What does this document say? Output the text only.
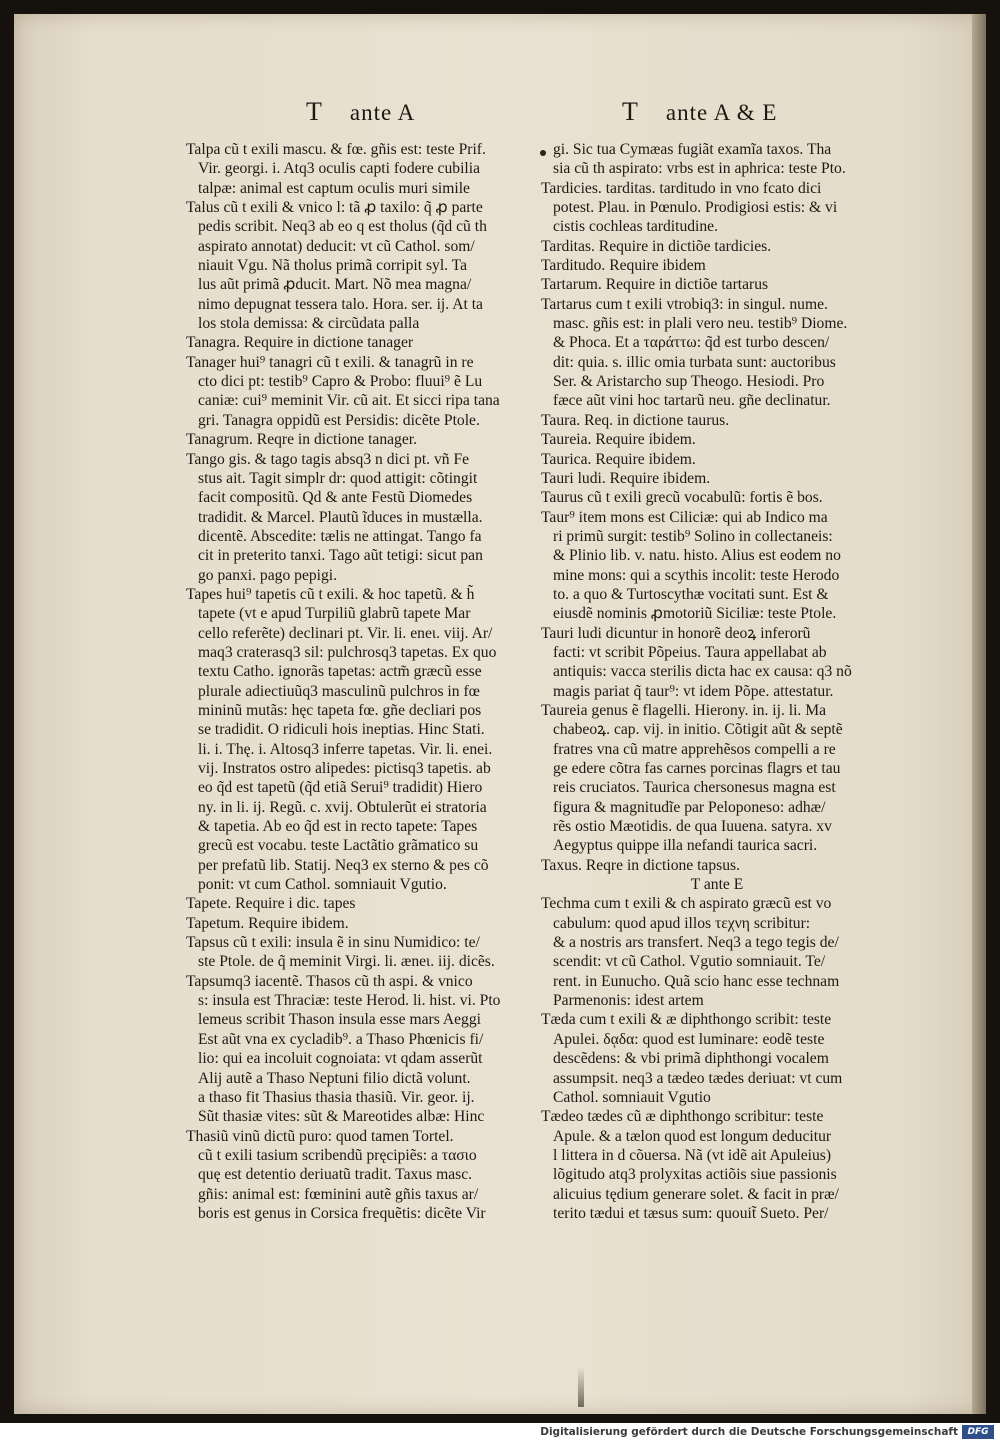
T ante A	T ante A & E
Talpa cũ t exili mascu. & fœ. gñis est: teste Prif.
Vir. georgi. i. Atq3 oculis capti fodere cubilia
talpæ: animal est captum oculis muri simile
Talus cũ t exili & vnico l: tã ꝓ taxilo: q̃ ꝓ parte
pedis scribit. Neq3 ab eo q est tholus (q̃d cũ th
aspirato annotat) deducit: vt cũ Cathol. som/
niauit Vgu. Nã tholus primã corripit syl. Ta
lus aũt primã ꝓducit. Mart. Nõ mea magna/
nimo depugnat tessera talo. Hora. ser. ij. At ta
los stola demissa: & circũdata palla
Tanagra. Require in dictione tanager
Tanager hui⁹ tanagri cũ t exili. & tanagrũ in re
cto dici pt: testib⁹ Capro & Probo: fluui⁹ ẽ Lu
caniæ: cui⁹ meminit Vir. cũ ait. Et sicci ripa tana
gri. Tanagra oppidũ est Persidis: dicẽte Ptole.
Tanagrum. Reqre in dictione tanager.
Tango gis. & tago tagis absq3 n dici pt. vñ Fe
stus ait. Tagit simplr dr: quod attigit: cõtingit
facit compositũ. Qd & ante Festũ Diomedes
tradidit. & Marcel. Plautũ ĩduces in mustælla.
dicentẽ. Abscedite: tælis ne attingat. Tango fa
cit in preterito tanxi. Tago aũt tetigi: sicut pan
go panxi. pago pepigi.
Tapes hui⁹ tapetis cũ t exili. & hoc tapetũ. & h̃
tapete (vt e apud Turpiliũ glabrũ tapete Mar
cello referẽte) declinari pt. Vir. li. eneι. viij. Ar/
maq3 craterasq3 sil: pulchrosq3 tapetas. Ex quo
textu Catho. ignorãs tapetas: actm̃ græcũ esse
plurale adiectiuũq3 masculinũ pulchros in fœ
mininũ mutãs: hęc tapeta fœ. gñe decliari pos
se tradidit. O ridiculi hois ineptias. Hinc Stati.
li. i. Thę. i. Altosq3 inferre tapetas. Vir. li. enei.
vij. Instratos ostro alipedes: pictisq3 tapetis. ab
eo q̃d est tapetũ (q̃d etiã Serui⁹ tradidit) Hiero
ny. in li. ij. Regũ. c. xvij. Obtulerũt ei stratoria
& tapetia. Ab eo q̃d est in recto tapete: Tapes
grecũ est vocabu. teste Lactãtio grãmatico su
per prefatũ lib. Statij. Neq3 ex sterno & pes cõ
ponit: vt cum Cathol. somniauit Vgutio.
Tapete. Require i dic. tapes
Tapetum. Require ibidem.
Tapsus cũ t exili: insula ẽ in sinu Numidico: te/
ste Ptole. de q̃ meminit Virgi. li. æneι. iij. dicẽs.
Tapsumq3 iacentẽ. Thasos cũ th aspi. & vnico
s: insula est Thraciæ: teste Herod. li. hist. vi. Pto
lemeus scribit Thason insula esse mars Aeggi
Est aũt vna ex cycladib⁹. a Thaso Phœnicis fi/
lio: qui ea incoluit cognoiata: vt qdam asserũt
Alij autẽ a Thaso Neptuni filio dictã volunt.
a thaso fit Thasius thasia thasiũ. Vir. geor. ij.
Sũt thasiæ vites: sũt & Mareotides albæ: Hinc
Thasiũ vinũ dictũ puro: quod tamen Tortel.
cũ t exili tasium scribendũ pręcipiẽs: a τασιο
quę est detentio deriuatũ tradit. Taxus masc.
gñis: animal est: fœminini autẽ gñis taxus ar/
boris est genus in Corsica frequẽtis: dicẽte Vir
gi. Sic tua Cymæas fugiãt examĩa taxos. Tha
sia cũ th aspirato: vrbs est in aphrica: teste Pto.
Tardicies. tarditas. tarditudo in vno fcato dici
potest. Plau. in Pœnulo. Prodigiosi estis: & vi
cistis cochleas tarditudine.
Tarditas. Require in dictiõe tardicies.
Tarditudo. Require ibidem
Tartarum. Require in dictiõe tartarus
Tartarus cum t exili vtrobiq3: in singul. nume.
masc. gñis est: in plali vero neu. testib⁹ Diome.
& Phoca. Et a ταράττω: q̃d est turbo descen/
dit: quia. s. illic omia turbata sunt: auctoribus
Ser. & Aristarcho sup Theogo. Hesiodi. Pro
fæce aũt vini hoc tartarũ neu. gñe declinatur.
Taura. Req. in dictione taurus.
Taureia. Require ibidem.
Taurica. Require ibidem.
Tauri ludi. Require ibidem.
Taurus cũ t exili grecũ vocabulũ: fortis ẽ bos.
Taur⁹ item mons est Ciliciæ: qui ab Indico ma
ri primũ surgit: testib⁹ Solino in collectaneis:
& Plinio lib. v. natu. histo. Alius est eodem no
mine mons: qui a scythis incolit: teste Herodo
to. a quo & Turtoscythæ vocitati sunt. Est &
eiusdẽ nominis ꝓmotoriũ Siciliæ: teste Ptole.
Tauri ludi dicuntur in honorẽ deoꝝ inferorũ
facti: vt scribit Põpeius. Taura appellabat ab
antiquis: vacca sterilis dicta hac ex causa: q3 nõ
magis pariat q̃ taur⁹: vt idem Põpe. attestatur.
Taureia genus ẽ flagelli. Hierony. in. ij. li. Ma
chabeoꝝ. cap. vij. in initio. Cõtigit aũt & septẽ
fratres vna cũ matre apprehẽsos compelli a re
ge edere cõtra fas carnes porcinas flagrs et tau
reis cruciatos. Taurica chersonesus magna est
figura & magnitudĩe par Peloponeso: adhæ/
rẽs ostio Mæotidis. de qua Iuuena. satyra. xv
Aegyptus quippe illa nefandi taurica sacri.
Taxus. Reqre in dictione tapsus.
T ante E
Techma cum t exili & ch aspirato græcũ est vo
cabulum: quod apud illos τεχνη scribitur:
& a nostris ars transfert. Neq3 a tego tegis de/
scendit: vt cũ Cathol. Vgutio somniauit. Te/
rent. in Eunucho. Quã scio hanc esse technam
Parmenonis: idest artem
Tæda cum t exili & æ diphthongo scribit: teste
Apulei. δᾳδα: quod est luminare: eodẽ teste
descẽdens: & vbi primã diphthongi vocalem
assumpsit. neq3 a tædeo tædes deriuat: vt cum
Cathol. somniauit Vgutio
Tædeo tædes cũ æ diphthongo scribitur: teste
Apule. & a tælon quod est longum deducitur
l littera in d cõuersa. Nã (vt idẽ ait Apuleius)
lõgitudo atq3 prolyxitas actiõis siue passionis
alicuius tędium generare solet. & facit in præ/
terito tædui et tæsus sum: quouit̃ Sueto. Per/
Digitalisierung gefördert durch die Deutsche Forschungsgemeinschaft	DFG
